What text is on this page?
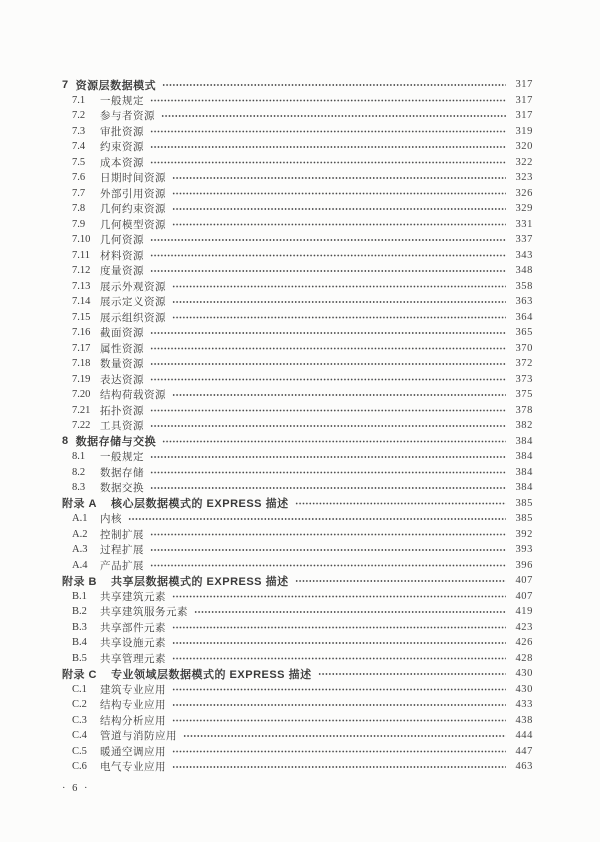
7 资源层数据模式	317
7.1	一般规定	317
7.2	参与者资源	317
7.3	审批资源	319
7.4	约束资源	320
7.5	成本资源	322
7.6	日期时间资源	323
7.7	外部引用资源	326
7.8	几何约束资源	329
7.9	几何模型资源	331
7.10 几何资源	337
7.11 材料资源	343
7.12 度量资源	348
7.13 展示外观资源	358
7.14 展示定义资源	363
7.15 展示组织资源	364
7.16 截面资源	365
7.17 属性资源	370
7.18 数量资源	372
7.19 表达资源	373
7.20 结构荷载资源	375
7.21 拓扑资源	378
7.22 工具资源	382
8 数据存储与交换	384
8.1	一般规定	384
8.2	数据存储	384
8.3	数据交换	384
附录 A 核心层数据模式的 EXPRESS 描述	385
A.1	内核	385
A.2	控制扩展	392
A.3	过程扩展	393
A.4	产品扩展	396
附录 B 共享层数据模式的 EXPRESS 描述	407
B.1	共享建筑元素	407
B.2	共享建筑服务元素	419
B.3	共享部件元素	423
B.4	共享设施元素	426
B.5	共享管理元素	428
附录 C 专业领域层数据模式的 EXPRESS 描述	430
C.1	建筑专业应用	430
C.2	结构专业应用	433
C.3	结构分析应用	438
C.4	管道与消防应用	444
C.5	暖通空调应用	447
C.6	电气专业应用	463
· 6 ·
